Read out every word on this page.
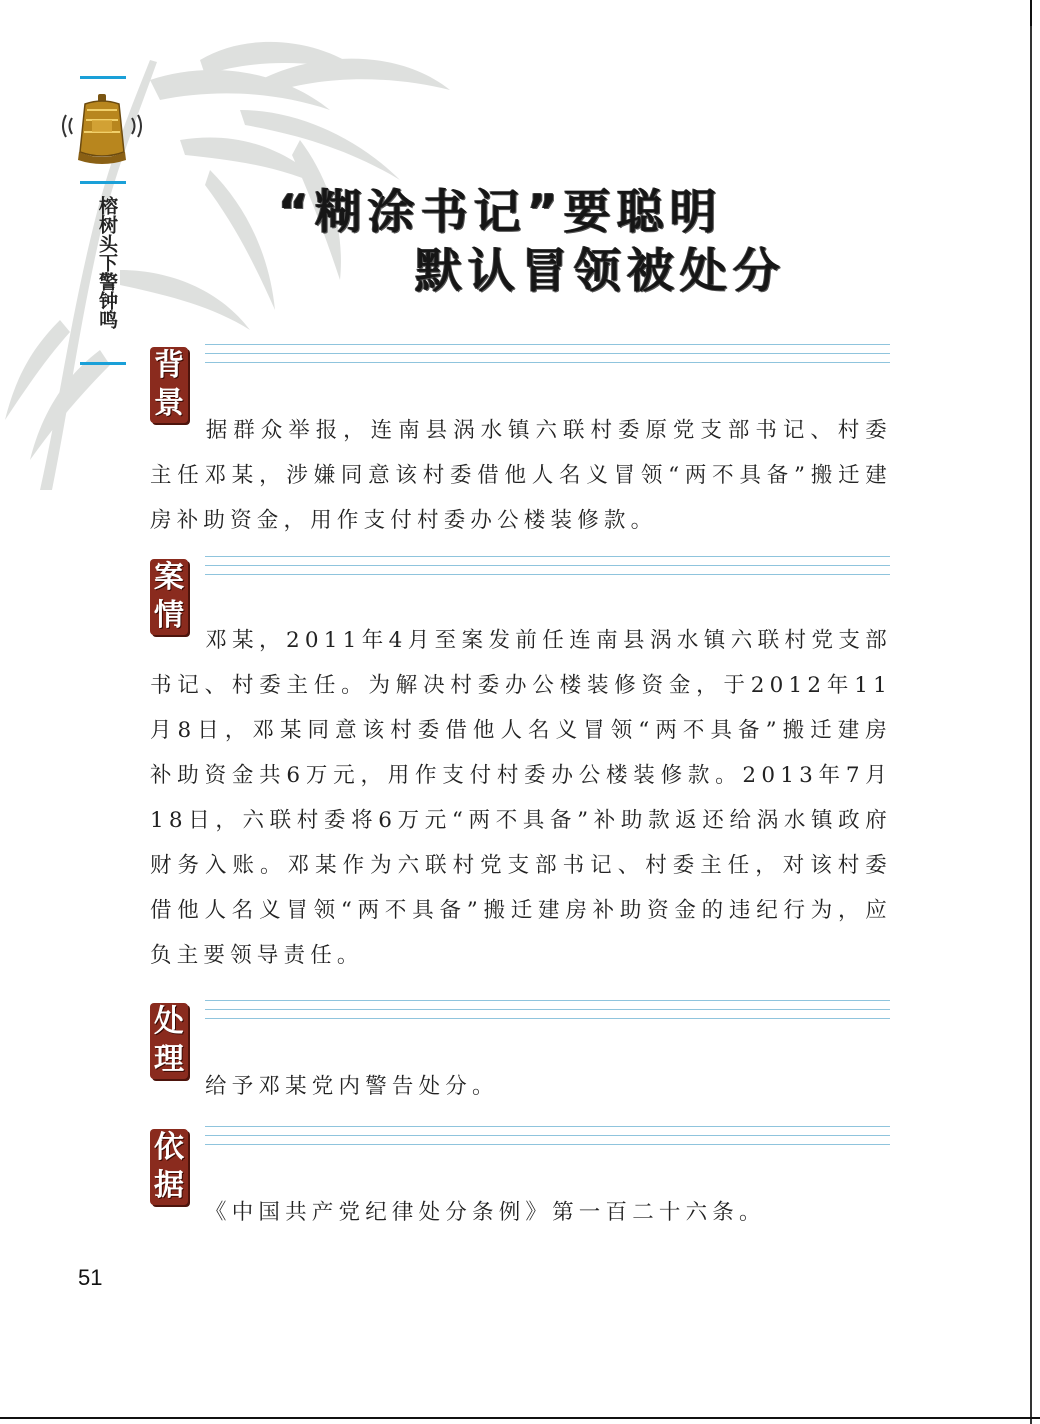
榕树头下警钟鸣	“糊涂书记”要聪明
默认冒领被处分
背
景

据群众举报，连南县涡水镇六联村委原党支部书记、村委主任邓某，涉嫌同意该村委借他人名义冒领“两不具备”搬迁建房补助资金，用作支付村委办公楼装修款。

案
情

邓某，2011年4月至案发前任连南县涡水镇六联村党支部书记、村委主任。为解决村委办公楼装修资金，于2012年11月8日，邓某同意该村委借他人名义冒领“两不具备”搬迁建房补助资金共6万元，用作支付村委办公楼装修款。2013年7月18日，六联村委将6万元“两不具备”补助款返还给涡水镇政府财务入账。邓某作为六联村党支部书记、村委主任，对该村委借他人名义冒领“两不具备”搬迁建房补助资金的违纪行为，应负主要领导责任。

处
理

给予邓某党内警告处分。

依
据

《中国共产党纪律处分条例》第一百二十六条。

51
